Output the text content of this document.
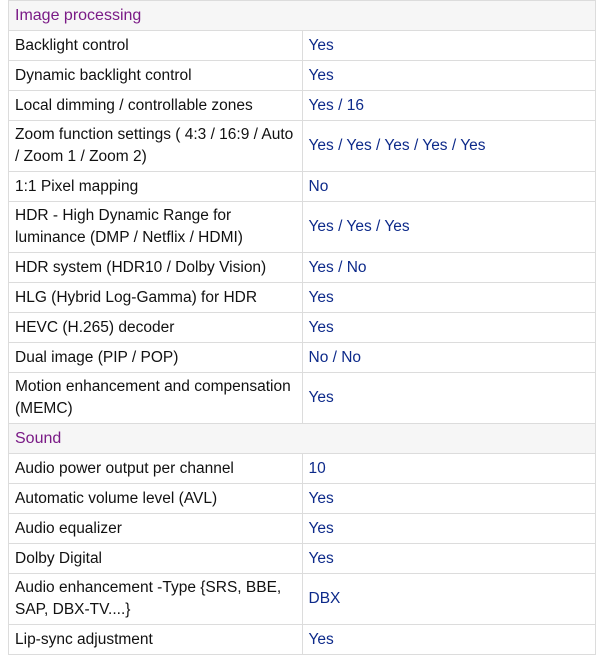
Image processing	
Backlight control	Yes
Dynamic backlight control	Yes
Local dimming / controllable zones	Yes / 16
Zoom function settings ( 4:3 / 16:9 / Auto / Zoom 1 / Zoom 2)	Yes / Yes / Yes / Yes / Yes
1:1 Pixel mapping	No
HDR - High Dynamic Range for luminance (DMP / Netflix / HDMI)	Yes / Yes / Yes
HDR system (HDR10 / Dolby Vision)	Yes / No
HLG (Hybrid Log-Gamma) for HDR	Yes
HEVC (H.265) decoder	Yes
Dual image (PIP / POP)	No / No
Motion enhancement and compensation (MEMC)	Yes
Sound	
Audio power output per channel	10
Automatic volume level (AVL)	Yes
Audio equalizer	Yes
Dolby Digital	Yes
Audio enhancement -Type {SRS, BBE, SAP, DBX-TV....}	DBX
Lip-sync adjustment	Yes
